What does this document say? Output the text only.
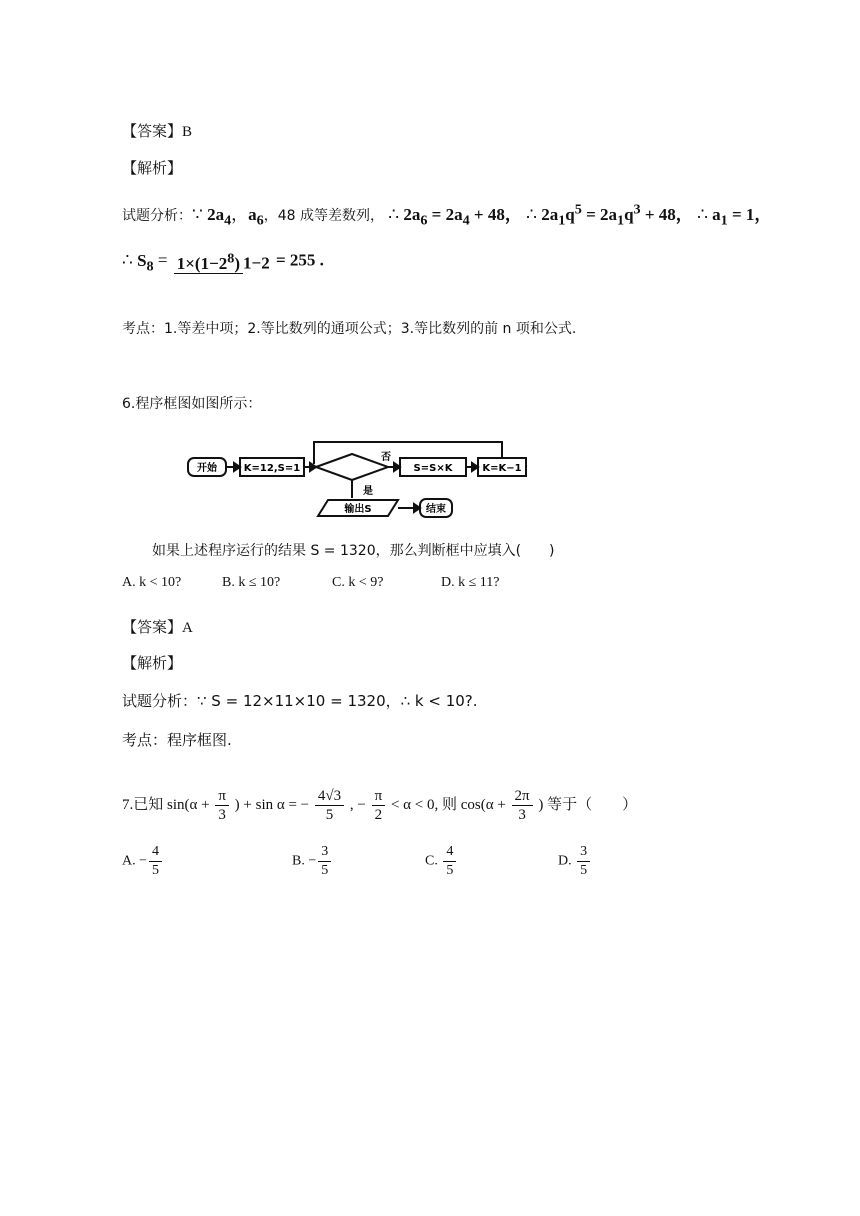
【答案】B
【解析】
试题分析：∵ $2a_4$，$a_6$，48 成等差数列， ∴ $2a_6 = 2a_4 + 48$， ∴ $2a_1q^5 = 2a_1q^3 + 48$， ∴ $a_1 = 1$，
∴ $S_8 = 1\times(1-2^8) 1-2 = 255$ .
考点：1.等差中项；2.等比数列的通项公式；3.等比数列的前 n 项和公式.
6.程序框图如图所示：
开始	K=12,S=1
否
S=S×K	K=K−1
是
输出S	结束
如果上述程序运行的结果 S = 1320，那么判断框中应填入(　　)
A. k < 10?	B. k ≤ 10?	C. k < 9?	D. k ≤ 11?
【答案】A
【解析】
试题分析：∵ S = 12×11×10 = 1320，∴ k < 10?.
考点：程序框图.
7.已知 $\sin(\alpha + \frac{\pi}{3}$ ) + sin α = − $\frac{4√3}{5}$ , − $\frac{\pi}{2} < \alpha < 0$, 则 $\cos(\alpha + \frac{2\pi}{3}$ ) 等于（　　）
A. − $\frac{4}{5}$	B. − $\frac{3}{5}$	C. $\frac{4}{5}$	D. $\frac{3}{5}$
